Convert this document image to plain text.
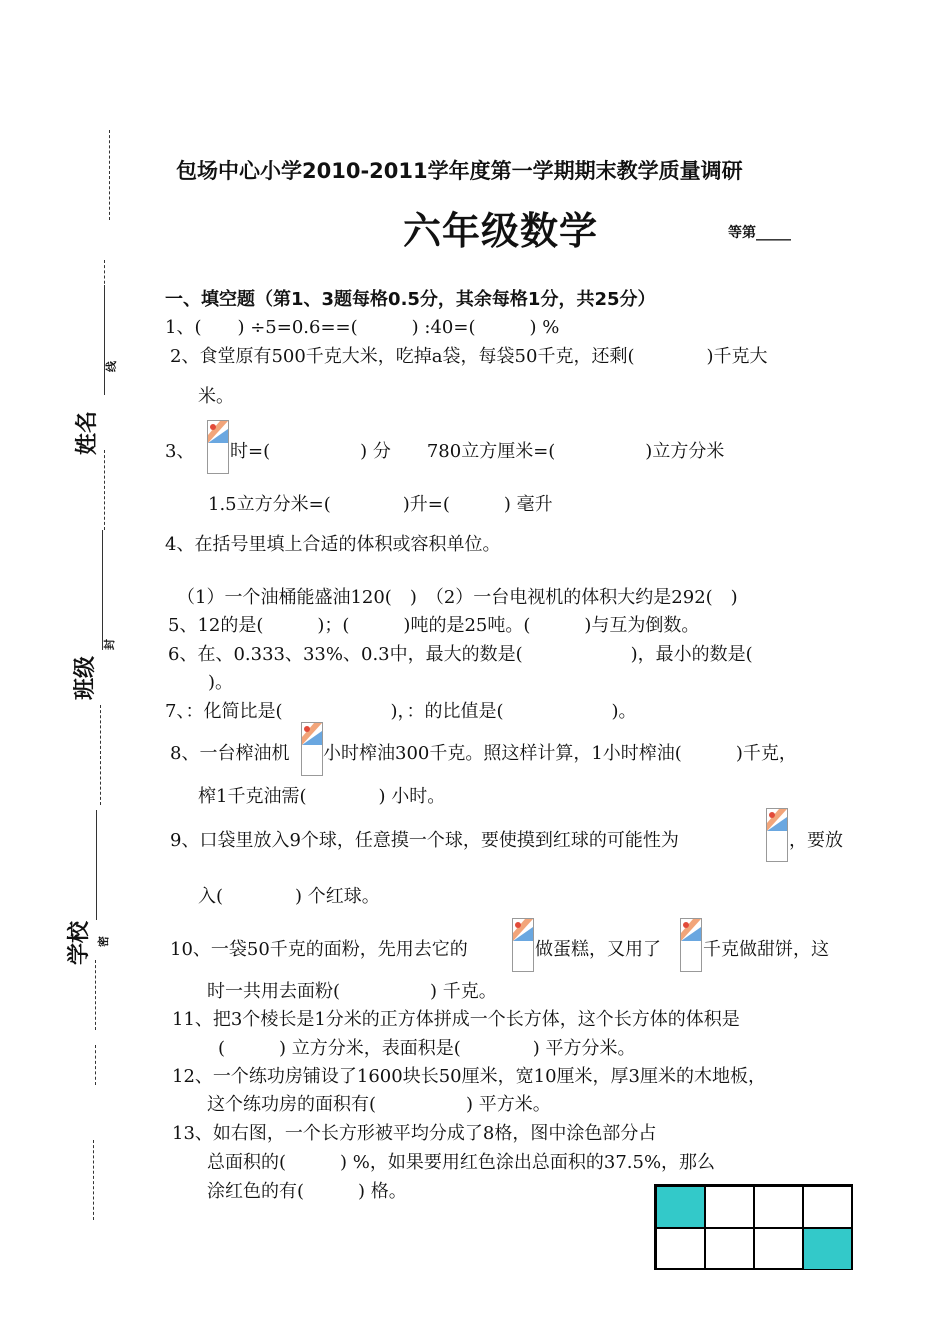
线
姓名
封
班级
密
学校
包场中心小学2010-2011学年度第一学期期末教学质量调研
六年级数学	等第_____
一、填空题（第1、3题每格0.5分，其余每格1分，共25分）
1、(　　) ÷5=0.6==(　　　) :40=(　　　) %
2、食堂原有500千克大米，吃掉a袋，每袋50千克，还剩(　　　　)千克大
米。
3、 时=(　　　　　) 分　　780立方厘米=(　　　　　)立方分米
1.5立方分米=(　　　　)升=(　　　) 毫升
4、在括号里填上合适的体积或容积单位。
（1）一个油桶能盛油120(　)　（2）一台电视机的体积大约是292(　)
5、12的是(　　　)；(　　　)吨的是25吨。(　　　)与互为倒数。
6、在、0.333、33%、0.3中，最大的数是(　　　　　　)，最小的数是(
　)。
7、：化简比是(　　　　　　)，：的比值是(　　　　　　)。
8、一台榨油机 小时榨油300千克。照这样计算，1小时榨油(　　　)千克，
榨1千克油需(　　　　) 小时。
9、口袋里放入9个球，任意摸一个球，要使摸到红球的可能性为	，要放
入(　　　　) 个红球。
10、一袋50千克的面粉，先用去它的	做蛋糕，又用了 千克做甜饼，这
时一共用去面粉(　　　　　) 千克。
11、把3个棱长是1分米的正方体拼成一个长方体，这个长方体的体积是
(　　　) 立方分米，表面积是(　　　　) 平方分米。
12、一个练功房铺设了1600块长50厘米，宽10厘米，厚3厘米的木地板，
这个练功房的面积有(　　　　　) 平方米。
13、如右图，一个长方形被平均分成了8格，图中涂色部分占
总面积的(　　　) %，如果要用红色涂出总面积的37.5%，那么
涂红色的有(　　　) 格。
